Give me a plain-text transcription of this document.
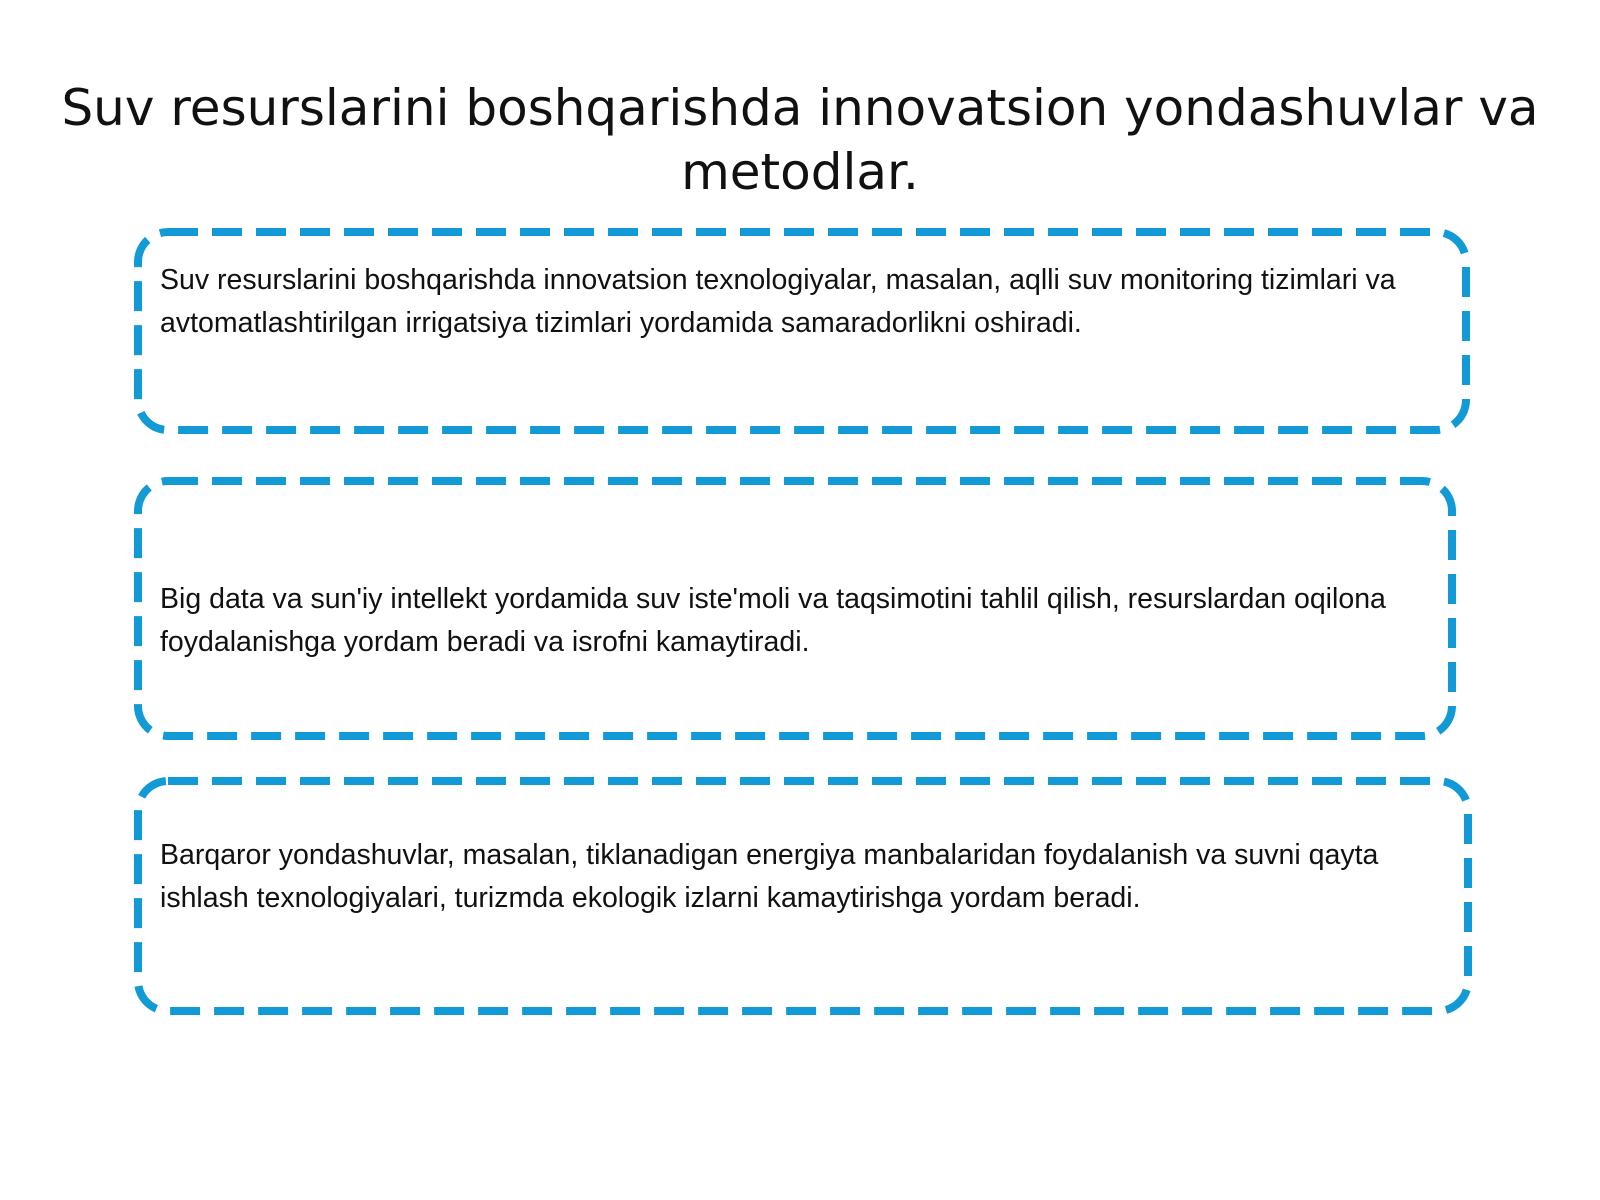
Suv resurslarini boshqarishda innovatsion yondashuvlar va metodlar.

Suv resurslarini boshqarishda innovatsion texnologiyalar, masalan, aqlli suv monitoring tizimlari va avtomatlashtirilgan irrigatsiya tizimlari yordamida samaradorlikni oshiradi.

Big data va sun'iy intellekt yordamida suv iste'moli va taqsimotini tahlil qilish, resurslardan oqilona foydalanishga yordam beradi va isrofni kamaytiradi.

Barqaror yondashuvlar, masalan, tiklanadigan energiya manbalaridan foydalanish va suvni qayta ishlash texnologiyalari, turizmda ekologik izlarni kamaytirishga yordam beradi.
